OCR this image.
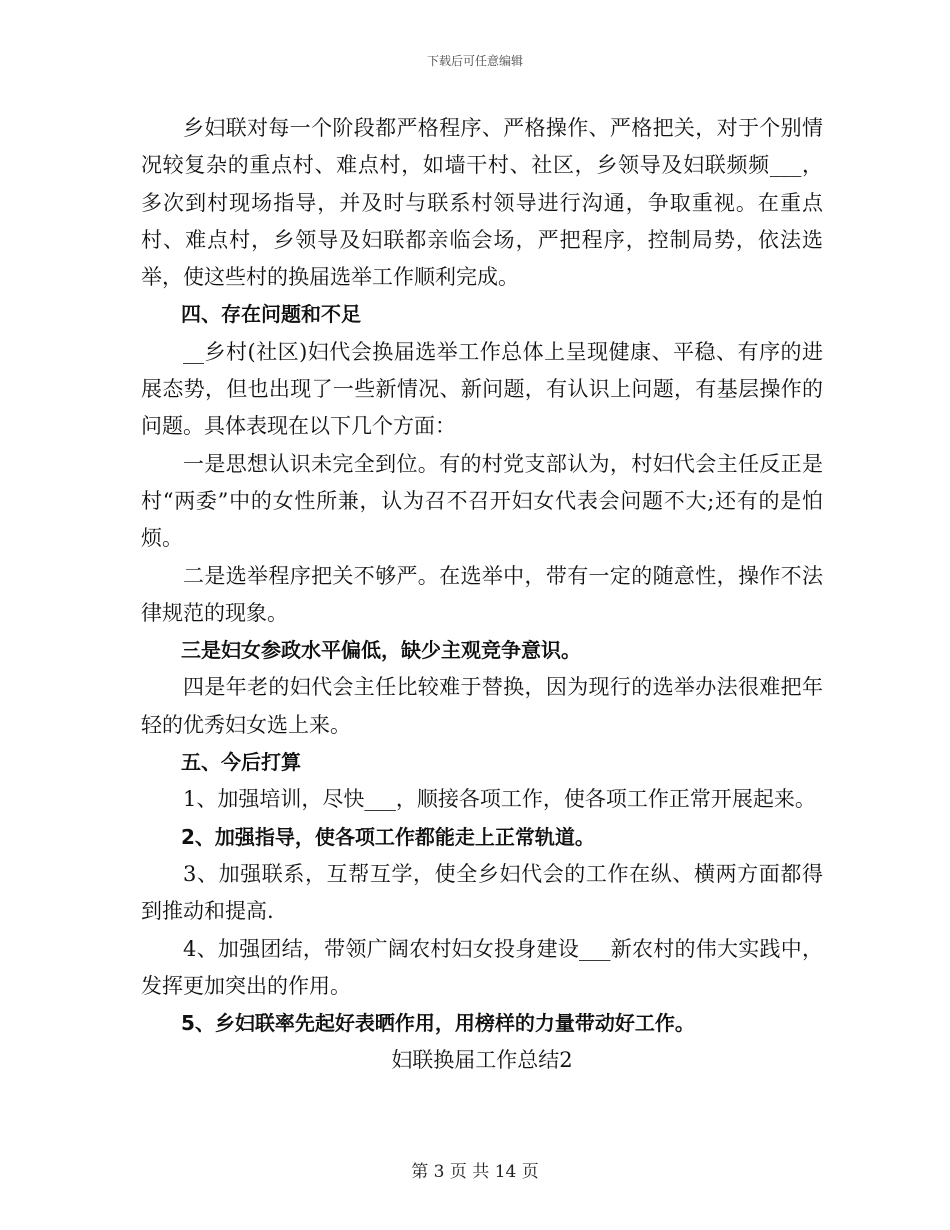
下载后可任意编辑

乡妇联对每一个阶段都严格程序、严格操作、严格把关，对于个别情况较复杂的重点村、难点村，如墙干村、社区，乡领导及妇联频频___，多次到村现场指导，并及时与联系村领导进行沟通，争取重视。在重点村、难点村，乡领导及妇联都亲临会场，严把程序，控制局势，依法选举，使这些村的换届选举工作顺利完成。

四、存在问题和不足

__乡村(社区)妇代会换届选举工作总体上呈现健康、平稳、有序的进展态势，但也出现了一些新情况、新问题，有认识上问题，有基层操作的问题。具体表现在以下几个方面：

一是思想认识未完全到位。有的村党支部认为，村妇代会主任反正是村“两委”中的女性所兼，认为召不召开妇女代表会问题不大;还有的是怕烦。

二是选举程序把关不够严。在选举中，带有一定的随意性，操作不法律规范的现象。

三是妇女参政水平偏低，缺少主观竞争意识。

四是年老的妇代会主任比较难于替换，因为现行的选举办法很难把年轻的优秀妇女选上来。

五、今后打算

1、加强培训，尽快___，顺接各项工作，使各项工作正常开展起来。

2、加强指导，使各项工作都能走上正常轨道。

3、加强联系，互帮互学，使全乡妇代会的工作在纵、横两方面都得到推动和提高.

4、加强团结，带领广阔农村妇女投身建设___新农村的伟大实践中，发挥更加突出的作用。

5、乡妇联率先起好表晒作用，用榜样的力量带动好工作。

妇联换届工作总结2

第 3 页 共 14 页
